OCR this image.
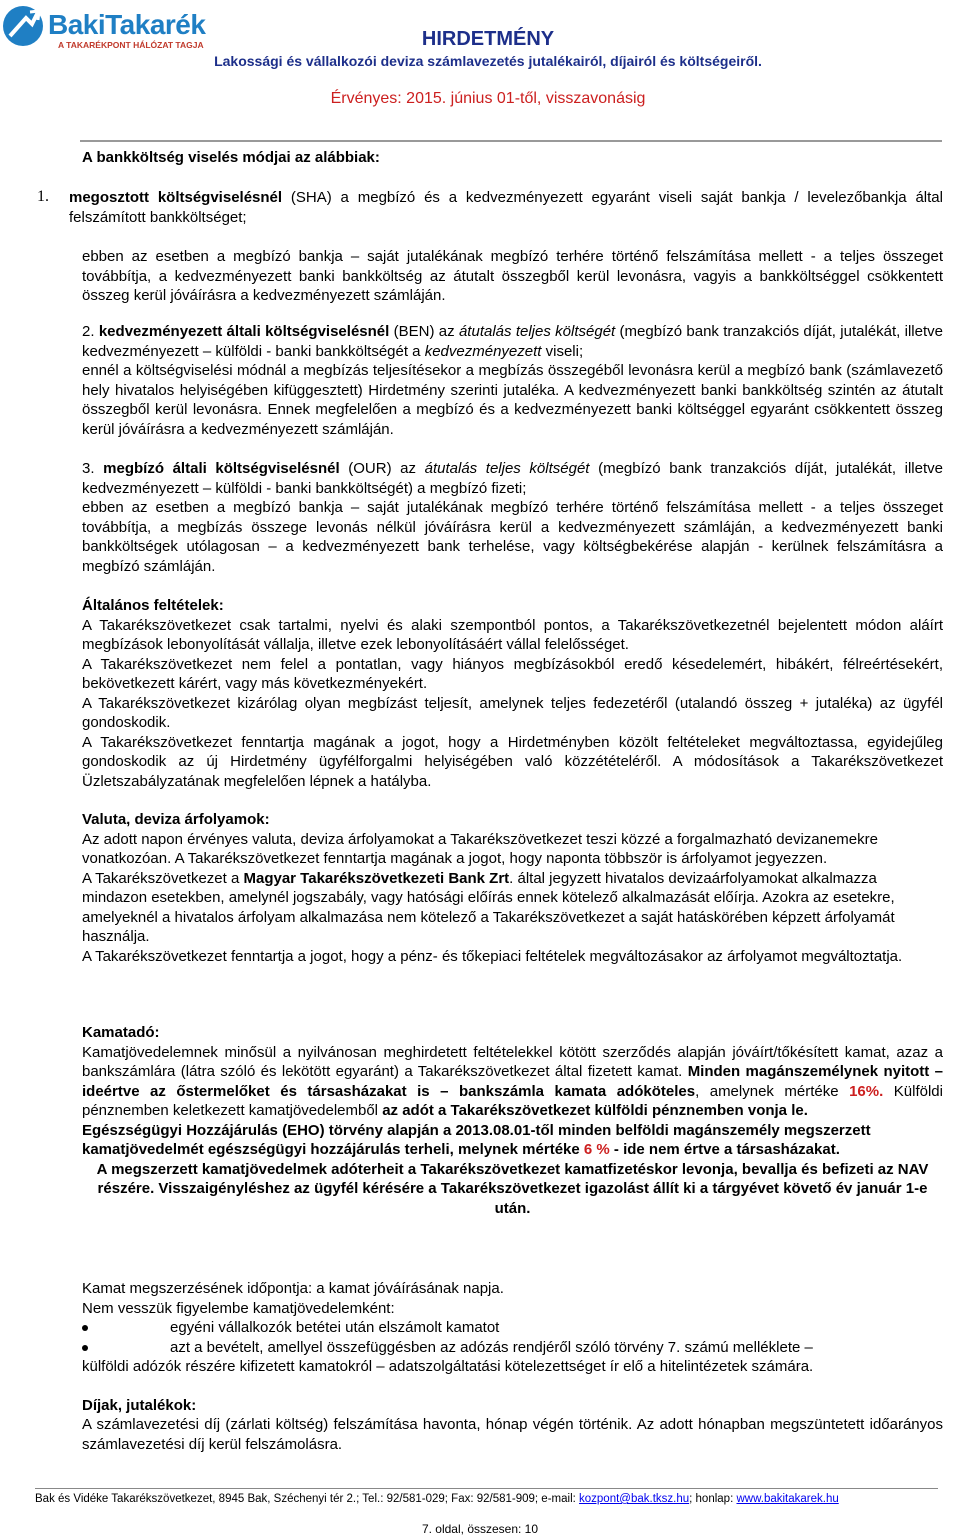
BakiTakarék
A TAKARÉKPONT HÁLÓZAT TAGJA	HIRDETMÉNY
Lakossági és vállalkozói deviza számlavezetés jutalékairól, díjairól és költségeiről.
Érvényes: 2015. június 01-től, visszavonásig
A bankköltség viselés módjai az alábbiak:
1. megosztott költségviselésnél (SHA) a megbízó és a kedvezményezett egyaránt viseli saját bankja / levelezőbankja által felszámított bankköltséget;
ebben az esetben a megbízó bankja – saját jutalékának megbízó terhére történő felszámítása mellett - a teljes összeget továbbítja, a kedvezményezett banki bankköltség az átutalt összegből kerül levonásra, vagyis a bankköltséggel csökkentett összeg kerül jóváírásra a kedvezményezett számláján.
2. kedvezményezett általi költségviselésnél (BEN) az átutalás teljes költségét (megbízó bank tranzakciós díját, jutalékát, illetve kedvezményezett – külföldi - banki bankköltségét a kedvezményezett viseli;
ennél a költségviselési módnál a megbízás teljesítésekor a megbízás összegéből levonásra kerül a megbízó bank (számlavezető hely hivatalos helyiségében kifüggesztett) Hirdetmény szerinti jutaléka. A kedvezményezett banki bankköltség szintén az átutalt összegből kerül levonásra. Ennek megfelelően a megbízó és a kedvezményezett banki költséggel egyaránt csökkentett összeg kerül jóváírásra a kedvezményezett számláján.
3. megbízó általi költségviselésnél (OUR) az átutalás teljes költségét (megbízó bank tranzakciós díját, jutalékát, illetve kedvezményezett – külföldi - banki bankköltségét) a megbízó fizeti;
ebben az esetben a megbízó bankja – saját jutalékának megbízó terhére történő felszámítása mellett - a teljes összeget továbbítja, a megbízás összege levonás nélkül jóváírásra kerül a kedvezményezett számláján, a kedvezményezett banki bankköltségek utólagosan – a kedvezményezett bank terhelése, vagy költségbekérése alapján - kerülnek felszámításra a megbízó számláján.
Általános feltételek:
A Takarékszövetkezet csak tartalmi, nyelvi és alaki szempontból pontos, a Takarékszövetkezetnél bejelentett módon aláírt megbízások lebonyolítását vállalja, illetve ezek lebonyolításáért vállal felelősséget.
A Takarékszövetkezet nem felel a pontatlan, vagy hiányos megbízásokból eredő késedelemért, hibákért, félreértésekért, bekövetkezett kárért, vagy más következményekért.
A Takarékszövetkezet kizárólag olyan megbízást teljesít, amelynek teljes fedezetéről (utalandó összeg + jutaléka) az ügyfél gondoskodik.
A Takarékszövetkezet fenntartja magának a jogot, hogy a Hirdetményben közölt feltételeket megváltoztassa, egyidejűleg gondoskodik az új Hirdetmény ügyfélforgalmi helyiségében való közzétételéről. A módosítások a Takarékszövetkezet Üzletszabályzatának megfelelően lépnek a hatályba.
Valuta, deviza árfolyamok:
Az adott napon érvényes valuta, deviza árfolyamokat a Takarékszövetkezet teszi közzé a forgalmazható devizanemekre vonatkozóan. A Takarékszövetkezet fenntartja magának a jogot, hogy naponta többször is árfolyamot jegyezzen.
A Takarékszövetkezet a Magyar Takarékszövetkezeti Bank Zrt. által jegyzett hivatalos devizaárfolyamokat alkalmazza mindazon esetekben, amelynél jogszabály, vagy hatósági előírás ennek kötelező alkalmazását előírja. Azokra az esetekre, amelyeknél a hivatalos árfolyam alkalmazása nem kötelező a Takarékszövetkezet a saját hatáskörében képzett árfolyamát használja.
A Takarékszövetkezet fenntartja a jogot, hogy a pénz- és tőkepiaci feltételek megváltozásakor az árfolyamot megváltoztatja.
Kamatadó:
Kamatjövedelemnek minősül a nyilvánosan meghirdetett feltételekkel kötött szerződés alapján jóváírt/tőkésített kamat, azaz a bankszámlára (látra szóló és lekötött egyaránt) a Takarékszövetkezet által fizetett kamat. Minden magánszemélynek nyitott – ideértve az őstermelőket és társasházakat is – bankszámla kamata adóköteles, amelynek mértéke 16%. Külföldi pénznemben keletkezett kamatjövedelemből az adót a Takarékszövetkezet külföldi pénznemben vonja le.
Egészségügyi Hozzájárulás (EHO) törvény alapján a 2013.08.01-től minden belföldi magánszemély megszerzett kamatjövedelmét egészségügyi hozzájárulás terheli, melynek mértéke 6 % - ide nem értve a társasházakat.
A megszerzett kamatjövedelmek adóterheit a Takarékszövetkezet kamatfizetéskor levonja, bevallja és befizeti az NAV részére. Visszaigényléshez az ügyfél kérésére a Takarékszövetkezet igazolást állít ki a tárgyévet követő év január 1-e után.
Kamat megszerzésének időpontja: a kamat jóváírásának napja.
Nem vesszük figyelembe kamatjövedelemként:
egyéni vállalkozók betétei után elszámolt kamatot
azt a bevételt, amellyel összefüggésben az adózás rendjéről szóló törvény 7. számú melléklete –
külföldi adózók részére kifizetett kamatokról – adatszolgáltatási kötelezettséget ír elő a hitelintézetek számára.
Díjak, jutalékok:
A számlavezetési díj (zárlati költség) felszámítása havonta, hónap végén történik. Az adott hónapban megszüntetett időarányos számlavezetési díj kerül felszámolásra.
Bak és Vidéke Takarékszövetkezet, 8945 Bak, Széchenyi tér 2.; Tel.: 92/581-029; Fax: 92/581-909; e-mail: kozpont@bak.tksz.hu; honlap: www.bakitakarek.hu
7. oldal, összesen: 10
